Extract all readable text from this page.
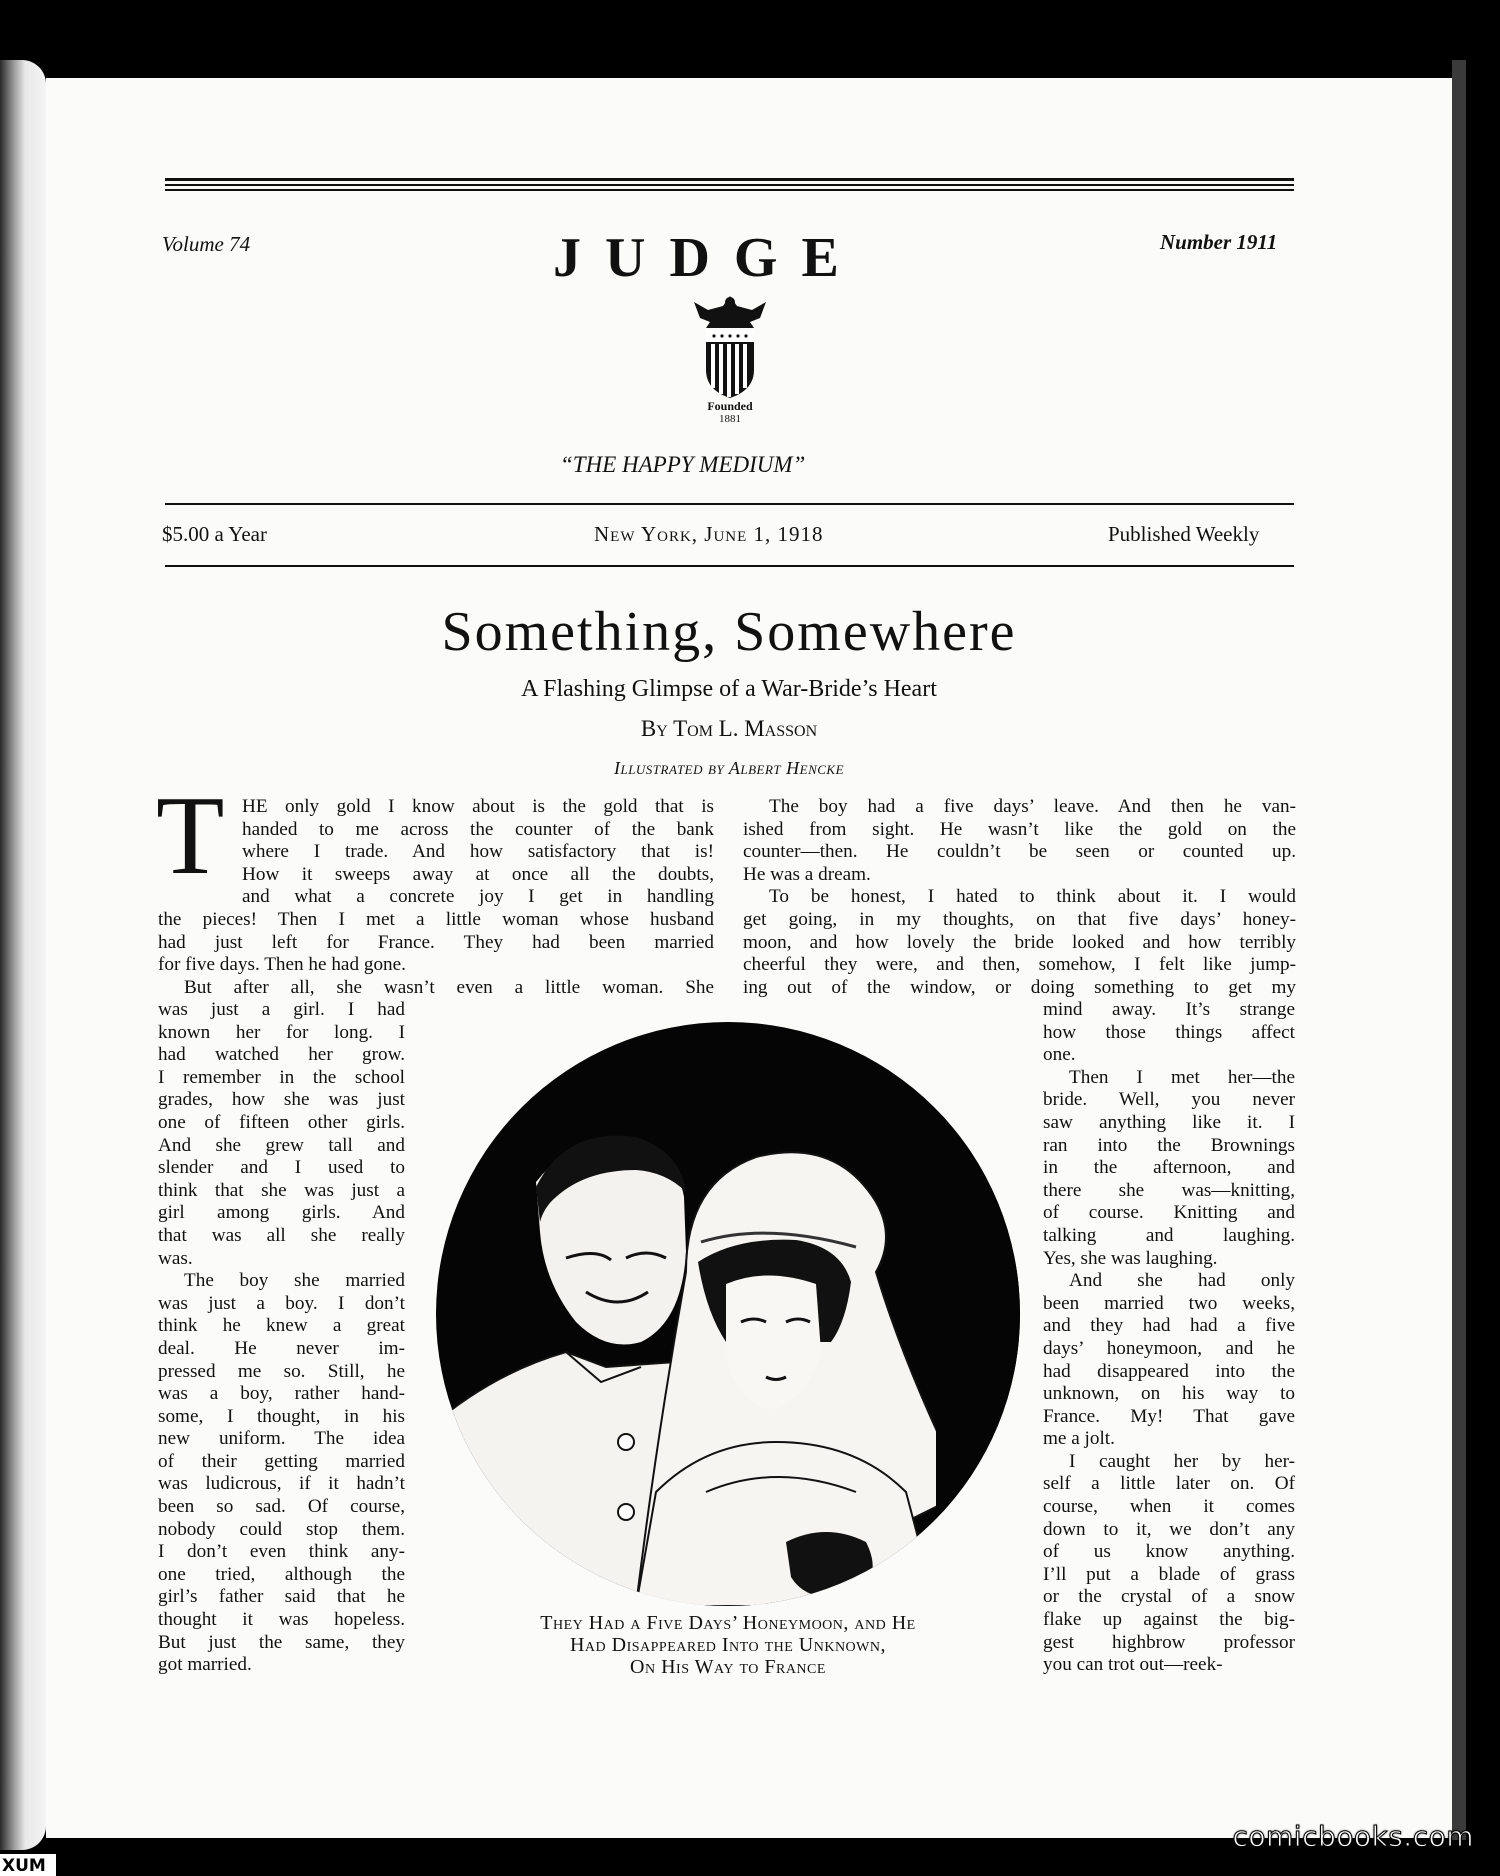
Volume 74	JUDGE	Number 1911
Founded
1881
“THE HAPPY MEDIUM”
$5.00 a Year	New York, June 1, 1918	Published Weekly
Something, Somewhere
A Flashing Glimpse of a War-Bride’s Heart
By Tom L. Masson
Illustrated by Albert Hencke
T HE only gold I know about is the gold that is
handed to me across the counter of the bank
where I trade. And how satisfactory that is!
How it sweeps away at once all the doubts,
and what a concrete joy I get in handling
the pieces! Then I met a little woman whose husband
had just left for France. They had been married
for five days. Then he had gone.
But after all, she wasn’t even a little woman. She
was just a girl. I had
known her for long. I
had watched her grow.
I remember in the school
grades, how she was just
one of fifteen other girls.
And she grew tall and
slender and I used to
think that she was just a
girl among girls. And
that was all she really
was.
The boy she married
was just a boy. I don’t
think he knew a great
deal. He never im-
pressed me so. Still, he
was a boy, rather hand-
some, I thought, in his
new uniform. The idea
of their getting married
was ludicrous, if it hadn’t
been so sad. Of course,
nobody could stop them.
I don’t even think any-
one tried, although the
girl’s father said that he
thought it was hopeless.
But just the same, they
got married.
The boy had a five days’ leave. And then he van-
ished from sight. He wasn’t like the gold on the
counter—then. He couldn’t be seen or counted up.
He was a dream.
To be honest, I hated to think about it. I would
get going, in my thoughts, on that five days’ honey-
moon, and how lovely the bride looked and how terribly
cheerful they were, and then, somehow, I felt like jump-
ing out of the window, or doing something to get my
mind away. It’s strange
how those things affect
one.
Then I met her—the
bride. Well, you never
saw anything like it. I
ran into the Brownings
in the afternoon, and
there she was—knitting,
of course. Knitting and
talking and laughing.
Yes, she was laughing.
And she had only
been married two weeks,
and they had had a five
days’ honeymoon, and he
had disappeared into the
unknown, on his way to
France. My! That gave
me a jolt.
I caught her by her-
self a little later on. Of
course, when it comes
down to it, we don’t any
of us know anything.
I’ll put a blade of grass
or the crystal of a snow
flake up against the big-
gest highbrow professor
you can trot out—reek-
They Had a Five Days’ Honeymoon, and He
Had Disappeared Into the Unknown,
On His Way to France
comicbooks.com
XUM
